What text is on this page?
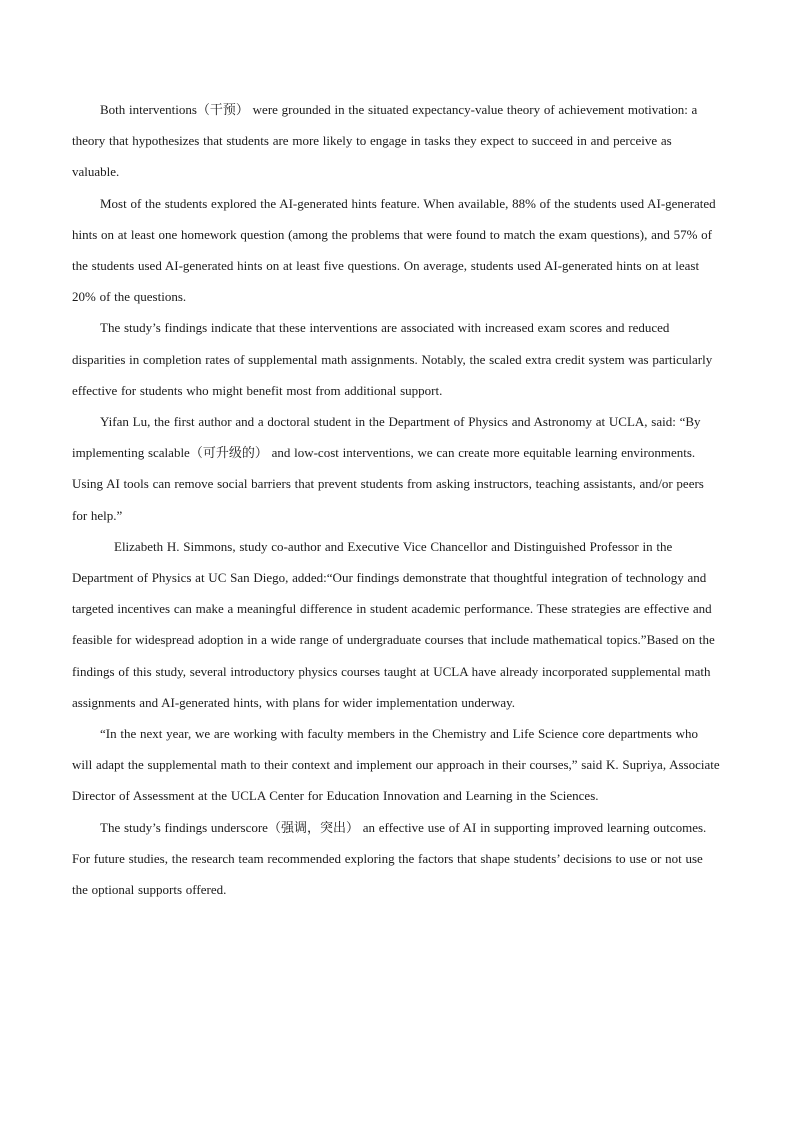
Both interventions（干预） were grounded in the situated expectancy-value theory of achievement motivation: a theory that hypothesizes that students are more likely to engage in tasks they expect to succeed in and perceive as valuable.

Most of the students explored the AI-generated hints feature. When available, 88% of the students used AI-generated hints on at least one homework question (among the problems that were found to match the exam questions), and 57% of the students used AI-generated hints on at least five questions. On average, students used AI-generated hints on at least 20% of the questions.

The study’s findings indicate that these interventions are associated with increased exam scores and reduced disparities in completion rates of supplemental math assignments. Notably, the scaled extra credit system was particularly effective for students who might benefit most from additional support.

Yifan Lu, the first author and a doctoral student in the Department of Physics and Astronomy at UCLA, said: “By implementing scalable（可升级的） and low-cost interventions, we can create more equitable learning environments. Using AI tools can remove social barriers that prevent students from asking instructors, teaching assistants, and/or peers for help.”

Elizabeth H. Simmons, study co-author and Executive Vice Chancellor and Distinguished Professor in the Department of Physics at UC San Diego, added:“Our findings demonstrate that thoughtful integration of technology and targeted incentives can make a meaningful difference in student academic performance. These strategies are effective and feasible for widespread adoption in a wide range of undergraduate courses that include mathematical topics.”Based on the findings of this study, several introductory physics courses taught at UCLA have already incorporated supplemental math assignments and AI-generated hints, with plans for wider implementation underway.

“In the next year, we are working with faculty members in the Chemistry and Life Science core departments who will adapt the supplemental math to their context and implement our approach in their courses,” said K. Supriya, Associate Director of Assessment at the UCLA Center for Education Innovation and Learning in the Sciences.

The study’s findings underscore（强调，突出） an effective use of AI in supporting improved learning outcomes. For future studies, the research team recommended exploring the factors that shape students’ decisions to use or not use the optional supports offered.
